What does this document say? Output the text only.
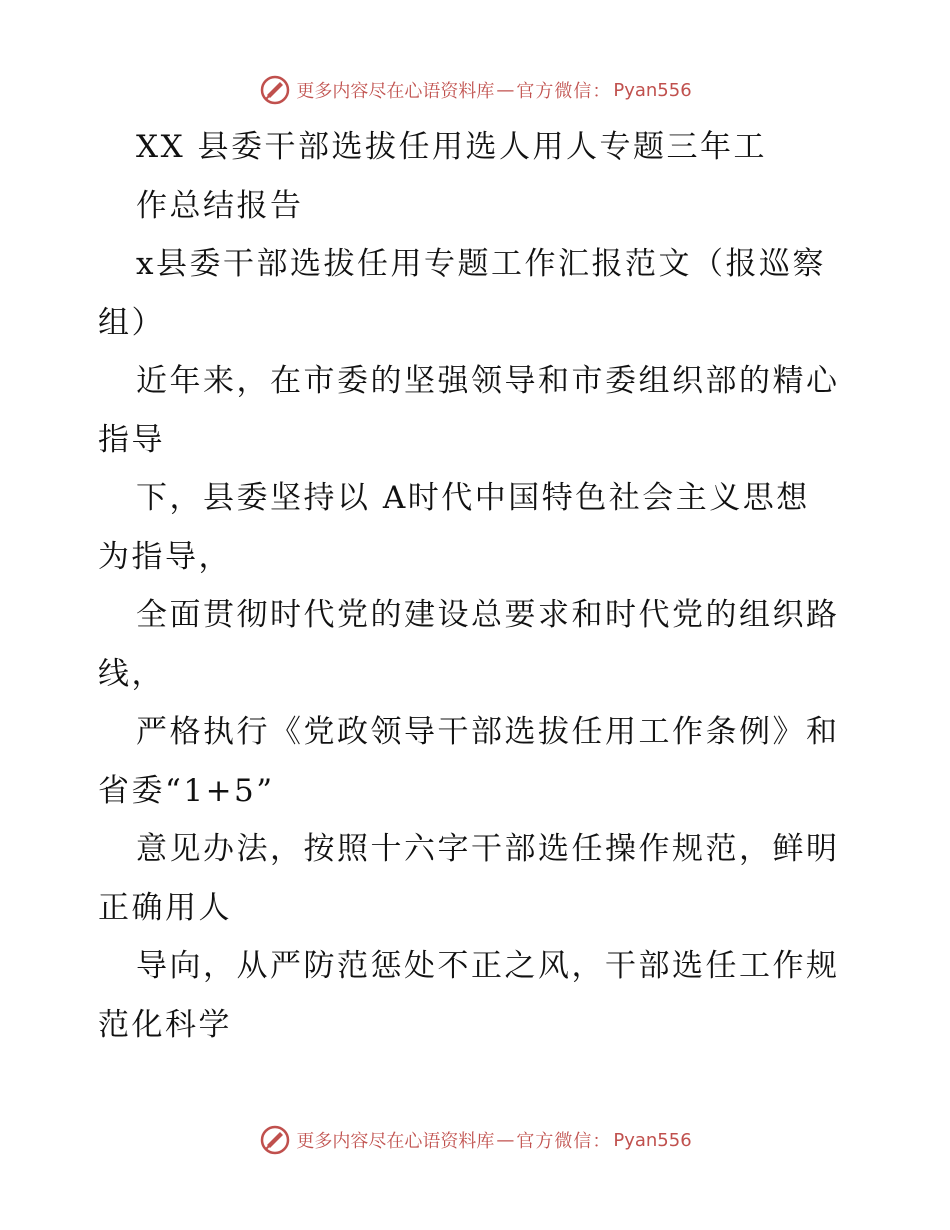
更多内容尽在心语资料库 — 官方微信： Pyan556
XX 县委干部选拔任用选人用人专题三年工
作总结报告
x县委干部选拔任用专题工作汇报范文（报巡察
组）
近年来，在市委的坚强领导和市委组织部的精心
指导
下，县委坚持以 A时代中国特色社会主义思想
为指导，
全面贯彻时代党的建设总要求和时代党的组织路
线，
严格执行《党政领导干部选拔任用工作条例》和
省委“1+5”
意见办法，按照十六字干部选任操作规范，鲜明
正确用人
导向，从严防范惩处不正之风，干部选任工作规
范化科学
更多内容尽在心语资料库 — 官方微信： Pyan556
